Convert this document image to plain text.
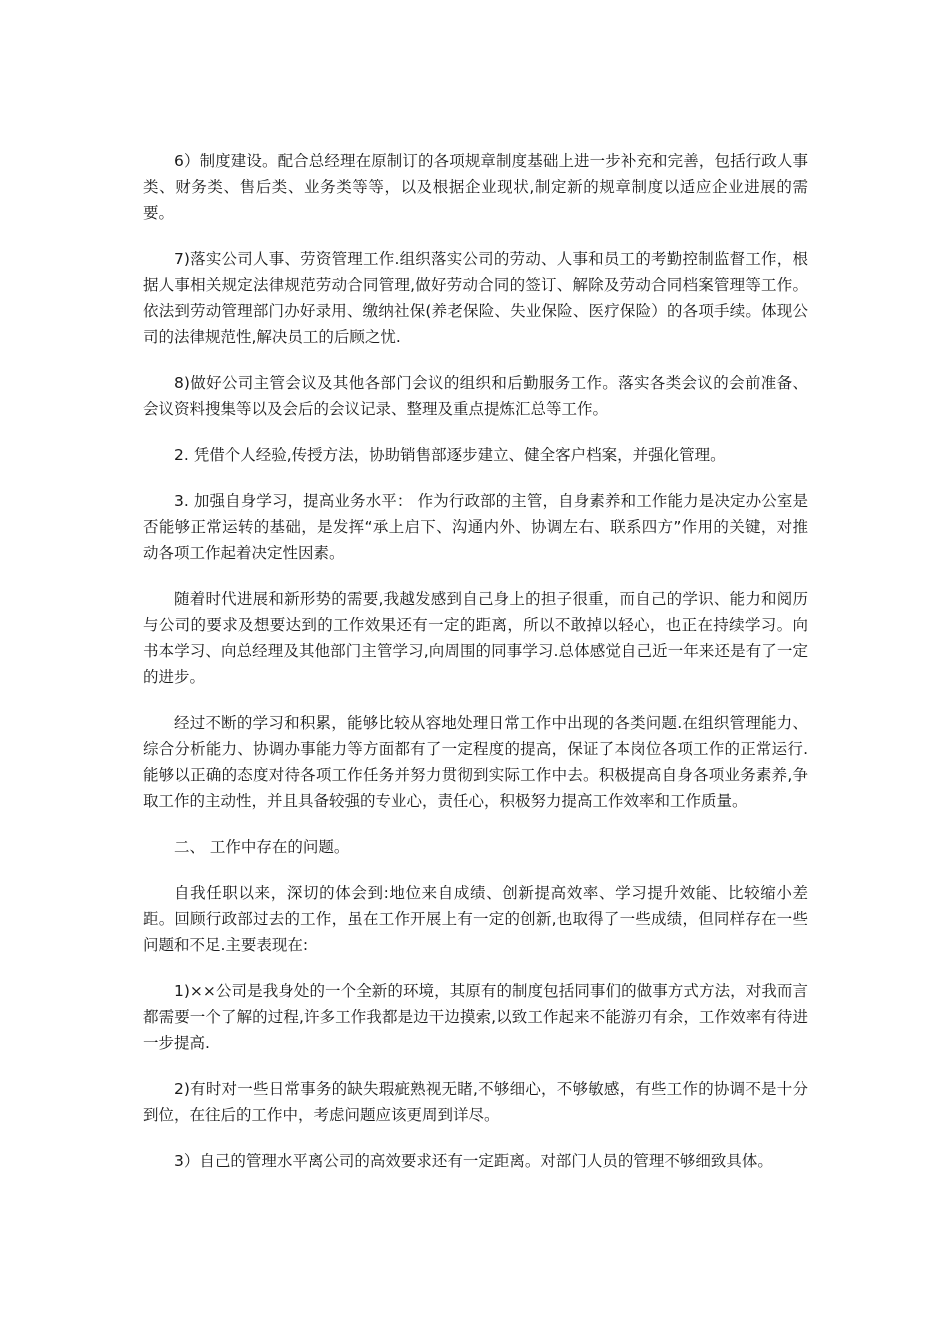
6）制度建设。配合总经理在原制订的各项规章制度基础上进一步补充和完善，包括行政人事类、财务类、售后类、业务类等等，以及根据企业现状,制定新的规章制度以适应企业进展的需要。

7)落实公司人事、劳资管理工作.组织落实公司的劳动、人事和员工的考勤控制监督工作，根据人事相关规定法律规范劳动合同管理,做好劳动合同的签订、解除及劳动合同档案管理等工作。依法到劳动管理部门办好录用、缴纳社保(养老保险、失业保险、医疗保险）的各项手续。体现公司的法律规范性,解决员工的后顾之忧.

8)做好公司主管会议及其他各部门会议的组织和后勤服务工作。落实各类会议的会前准备、会议资料搜集等以及会后的会议记录、整理及重点提炼汇总等工作。

2. 凭借个人经验,传授方法，协助销售部逐步建立、健全客户档案，并强化管理。

3. 加强自身学习，提高业务水平： 作为行政部的主管，自身素养和工作能力是决定办公室是否能够正常运转的基础，是发挥“承上启下、沟通内外、协调左右、联系四方”作用的关键，对推动各项工作起着决定性因素。

随着时代进展和新形势的需要,我越发感到自己身上的担子很重，而自己的学识、能力和阅历与公司的要求及想要达到的工作效果还有一定的距离，所以不敢掉以轻心，也正在持续学习。向书本学习、向总经理及其他部门主管学习,向周围的同事学习.总体感觉自己近一年来还是有了一定的进步。

经过不断的学习和积累，能够比较从容地处理日常工作中出现的各类问题.在组织管理能力、综合分析能力、协调办事能力等方面都有了一定程度的提高，保证了本岗位各项工作的正常运行.能够以正确的态度对待各项工作任务并努力贯彻到实际工作中去。积极提高自身各项业务素养,争取工作的主动性，并且具备较强的专业心，责任心，积极努力提高工作效率和工作质量。

二、 工作中存在的问题。

自我任职以来，深切的体会到:地位来自成绩、创新提高效率、学习提升效能、比较缩小差距。回顾行政部过去的工作，虽在工作开展上有一定的创新,也取得了一些成绩，但同样存在一些问题和不足.主要表现在:

1)××公司是我身处的一个全新的环境，其原有的制度包括同事们的做事方式方法，对我而言都需要一个了解的过程,许多工作我都是边干边摸索,以致工作起来不能游刃有余，工作效率有待进一步提高.

2)有时对一些日常事务的缺失瑕疵熟视无睹,不够细心，不够敏感，有些工作的协调不是十分到位，在往后的工作中，考虑问题应该更周到详尽。

3）自己的管理水平离公司的高效要求还有一定距离。对部门人员的管理不够细致具体。
